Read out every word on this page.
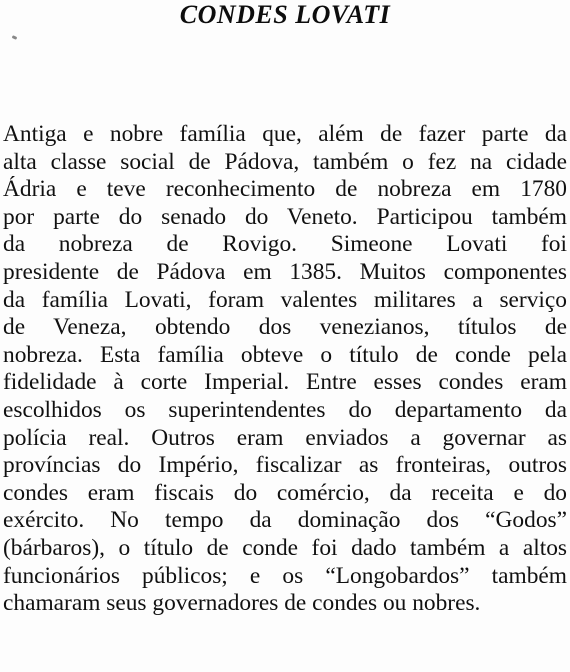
CONDES LOVATI

Antiga e nobre família que, além de fazer parte da
alta classe social de Pádova, também o fez na cidade
Ádria e teve reconhecimento de nobreza em 1780
por parte do senado do Veneto. Participou também
da nobreza de Rovigo. Simeone Lovati foi
presidente de Pádova em 1385. Muitos componentes
da família Lovati, foram valentes militares a serviço
de Veneza, obtendo dos venezianos, títulos de
nobreza. Esta família obteve o título de conde pela
fidelidade à corte Imperial. Entre esses condes eram
escolhidos os superintendentes do departamento da
polícia real. Outros eram enviados a governar as
províncias do Império, fiscalizar as fronteiras, outros
condes eram fiscais do comércio, da receita e do
exército. No tempo da dominação dos “Godos”
(bárbaros), o título de conde foi dado também a altos
funcionários públicos; e os “Longobardos” também
chamaram seus governadores de condes ou nobres.
